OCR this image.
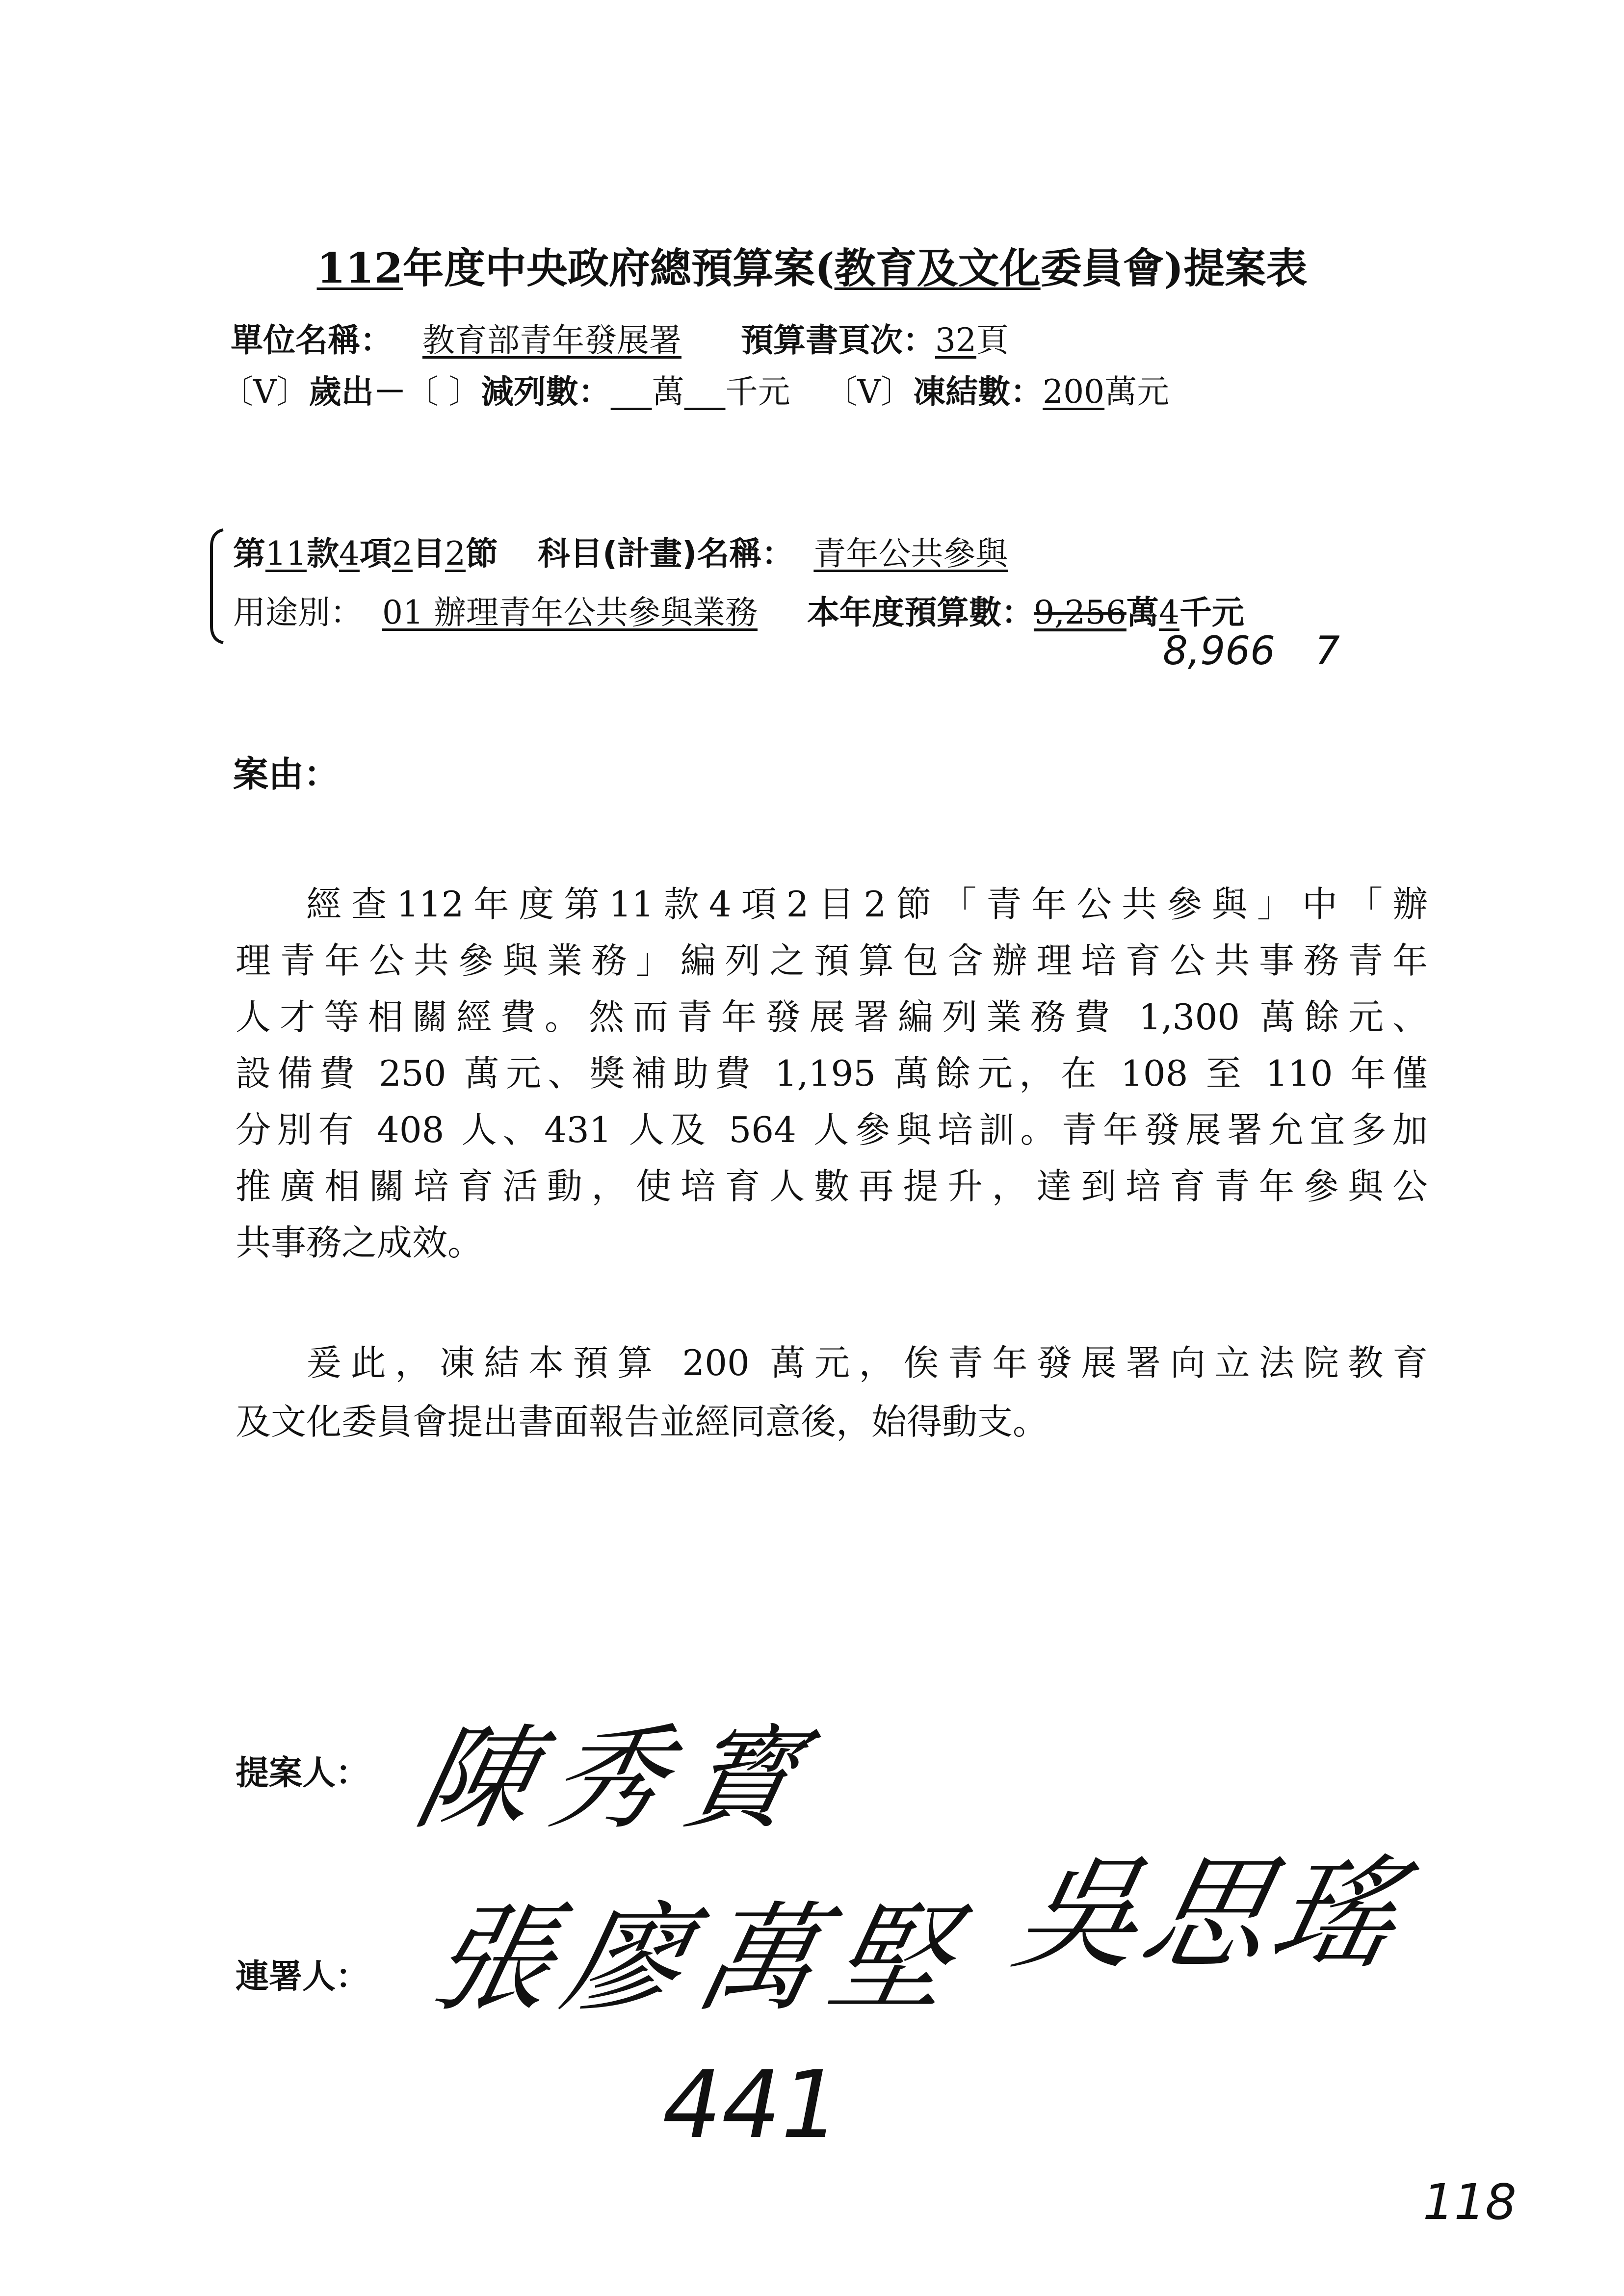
112年度中央政府總預算案(教育及文化委員會)提案表
單位名稱： 教育部青年發展署 預算書頁次：32頁
〔V〕歲出－〔 〕減列數： 萬 千元 〔V〕凍結數：200萬元
第11款4項2目2節 科目(計畫)名稱： 青年公共參與
用途別： 01 辦理青年公共參與業務 本年度預算數：9,256萬4千元
8,966 7
案由：
經查112年度第11款4項2目2節「青年公共參與」中「辦
理青年公共參與業務」編列之預算包含辦理培育公共事務青年
人才等相關經費。然而青年發展署編列業務費 1,300 萬餘元、
設備費 250 萬元、獎補助費 1,195 萬餘元，在 108 至 110 年僅
分別有 408 人、431 人及 564 人參與培訓。青年發展署允宜多加
推廣相關培育活動，使培育人數再提升，達到培育青年參與公
共事務之成效。
爰此，凍結本預算 200 萬元，俟青年發展署向立法院教育
及文化委員會提出書面報告並經同意後，始得動支。
提案人： 陳秀寳
連署人： 張廖萬堅 吳思瑤
441
118
